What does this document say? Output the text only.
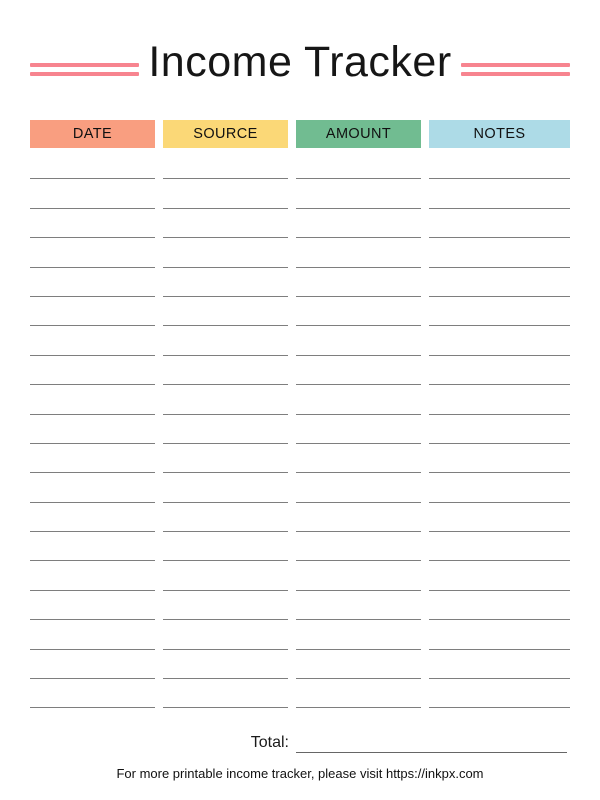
Income Tracker
DATE	SOURCE	AMOUNT	NOTES
Total:
For more printable income tracker, please visit https://inkpx.com
